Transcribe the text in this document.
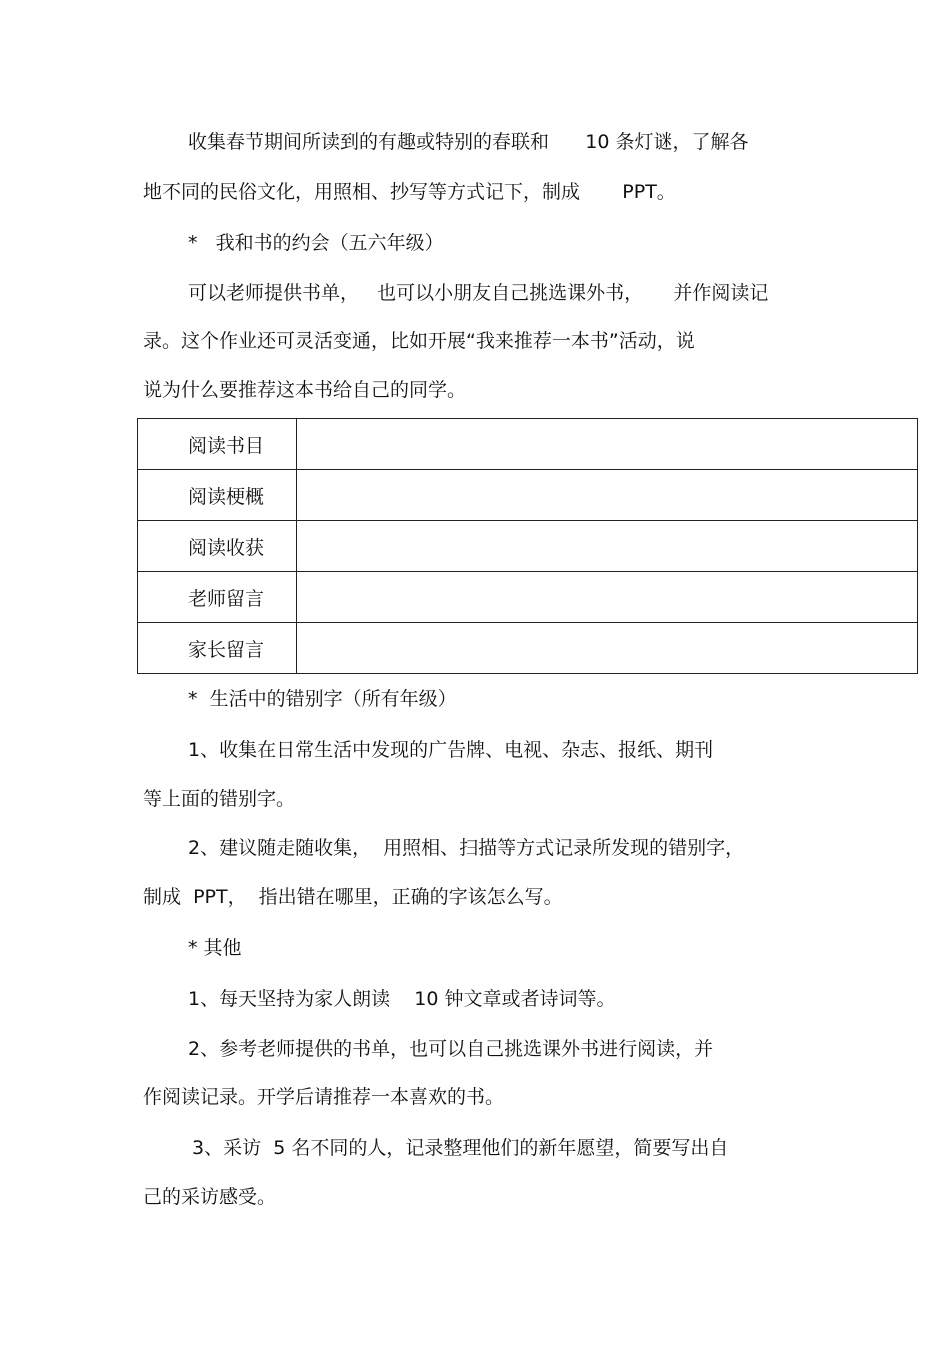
收集春节期间所读到的有趣或特别的春联和      10 条灯谜，了解各
地不同的民俗文化，用照相、抄写等方式记下，制成       PPT。
*   我和书的约会（五六年级）
可以老师提供书单，   也可以小朋友自己挑选课外书，     并作阅读记
录。这个作业还可灵活变通，比如开展“我来推荐一本书”活动，说
说为什么要推荐这本书给自己的同学。
阅读书目	
阅读梗概	
阅读收获	
老师留言	
家长留言	
*  生活中的错别字（所有年级）
1、收集在日常生活中发现的广告牌、电视、杂志、报纸、期刊
等上面的错别字。
2、建议随走随收集，  用照相、扫描等方式记录所发现的错别字，
制成  PPT，  指出错在哪里，正确的字该怎么写。
* 其他
1、每天坚持为家人朗读    10 钟文章或者诗词等。
2、参考老师提供的书单，也可以自己挑选课外书进行阅读，并
作阅读记录。开学后请推荐一本喜欢的书。
3、采访  5 名不同的人，记录整理他们的新年愿望，简要写出自
己的采访感受。
